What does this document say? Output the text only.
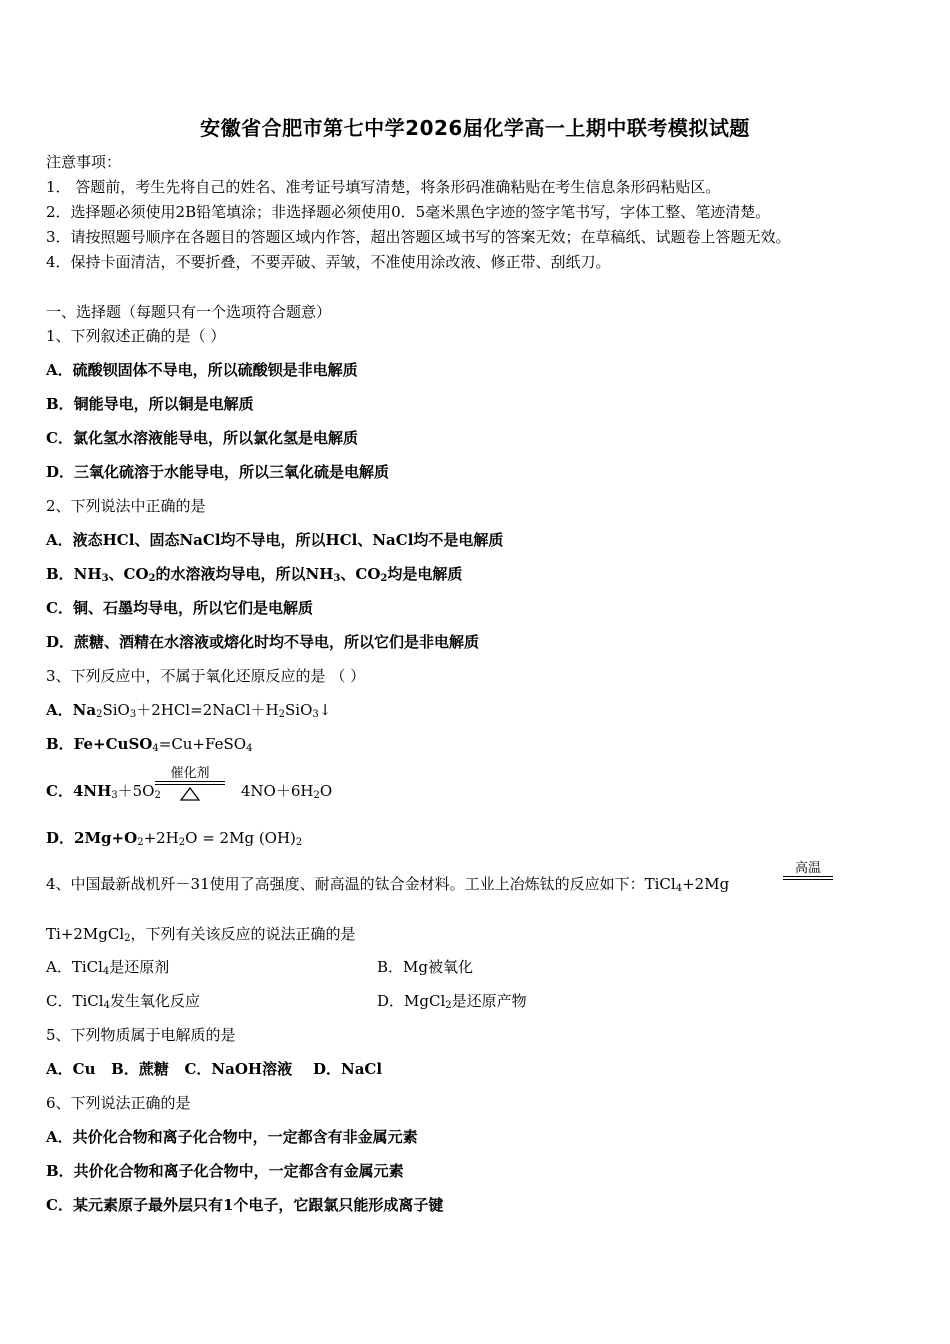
安徽省合肥市第七中学2026届化学高一上期中联考模拟试题
注意事项：
1． 答题前，考生先将自己的姓名、准考证号填写清楚，将条形码准确粘贴在考生信息条形码粘贴区。
2．选择题必须使用2B铅笔填涂；非选择题必须使用0．5毫米黑色字迹的签字笔书写，字体工整、笔迹清楚。
3．请按照题号顺序在各题目的答题区域内作答，超出答题区域书写的答案无效；在草稿纸、试题卷上答题无效。
4．保持卡面清洁，不要折叠，不要弄破、弄皱，不准使用涂改液、修正带、刮纸刀。
一、选择题（每题只有一个选项符合题意）
1、下列叙述正确的是（ ）
A．硫酸钡固体不导电，所以硫酸钡是非电解质
B．铜能导电，所以铜是电解质
C．氯化氢水溶液能导电，所以氯化氢是电解质
D．三氧化硫溶于水能导电，所以三氧化硫是电解质
2、下列说法中正确的是
A．液态HCl、固态NaCl均不导电，所以HCl、NaCl均不是电解质
B．$NH_3$、$CO_2$的水溶液均导电，所以$NH_3$、$CO_2$均是电解质
C．铜、石墨均导电，所以它们是电解质
D．蔗糖、酒精在水溶液或熔化时均不导电，所以它们是非电解质
3、下列反应中，不属于氧化还原反应的是 （ ）
A．$Na_2SiO_3+2HCl=2NaCl+H_2SiO_3↓$
B．Fe+CuSO$_4$=Cu+FeSO$_4$
C．$4NH_3+5O_2$	$4NO+6H_2O$
催化剂
D．$2Mg+O_2+2H_2O = 2Mg$ $(OH)_2$
4、中国最新战机歼－31使用了高强度、耐高温的钛合金材料。工业上冶炼钛的反应如下：TiCl$_4$+2Mg
高温
Ti+2MgCl$_2$，下列有关该反应的说法正确的是
A．TiCl$_4$是还原剂	B．Mg被氧化
C．TiCl$_4$发生氧化反应	D．MgCl$_2$是还原产物
5、下列物质属于电解质的是
A．Cu   B．蔗糖   C．NaOH溶液    D．NaCl
6、下列说法正确的是
A．共价化合物和离子化合物中，一定都含有非金属元素
B．共价化合物和离子化合物中，一定都含有金属元素
C．某元素原子最外层只有1个电子，它跟氯只能形成离子键
